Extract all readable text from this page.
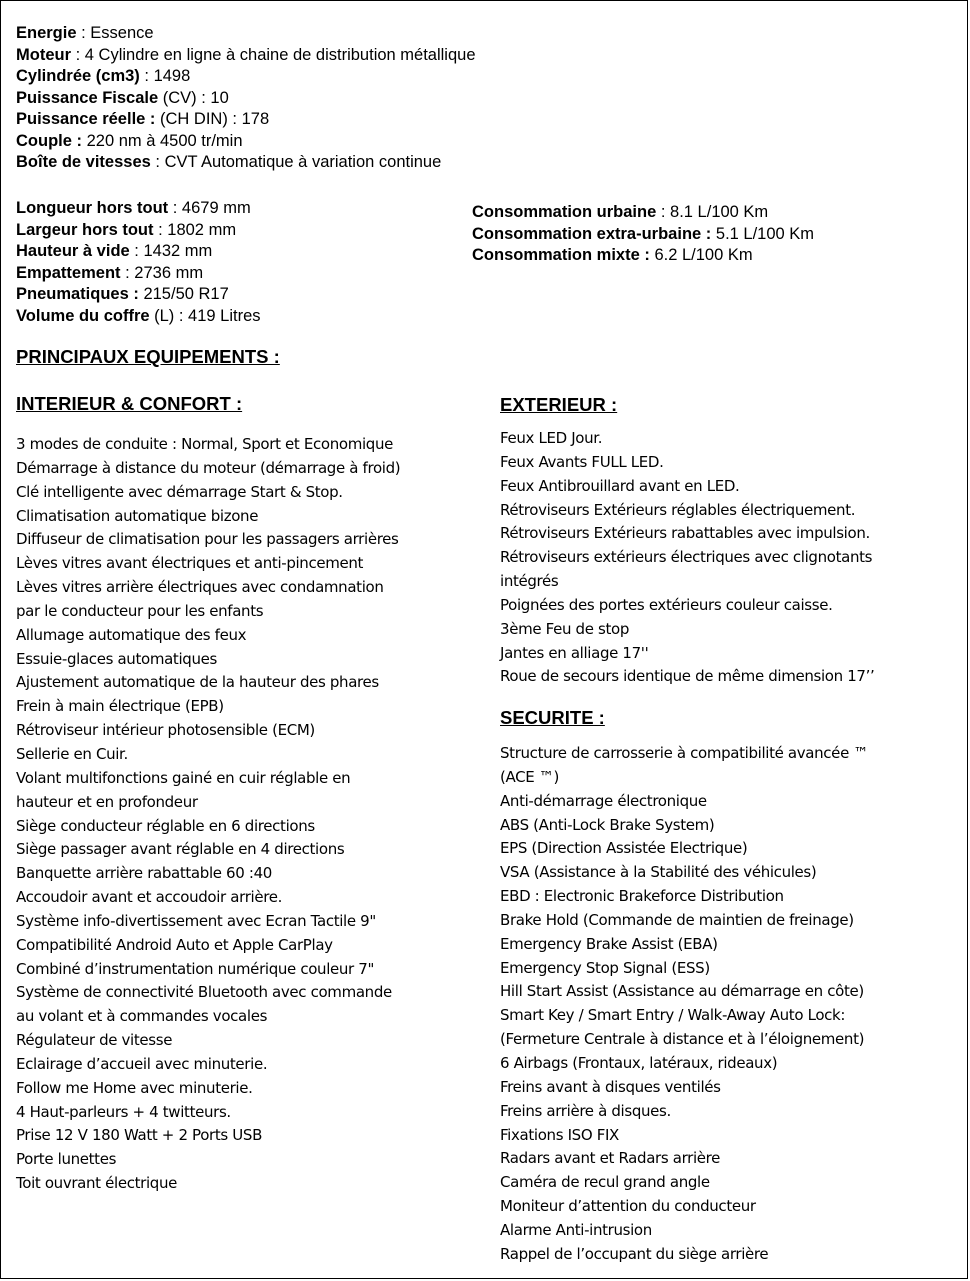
Energie : Essence
Moteur : 4 Cylindre en ligne à chaine de distribution métallique
Cylindrée (cm3) : 1498
Puissance Fiscale (CV) : 10
Puissance réelle : (CH DIN) : 178
Couple : 220 nm à 4500 tr/min
Boîte de vitesses : CVT Automatique à variation continue
Longueur hors tout : 4679 mm
Largeur hors tout : 1802 mm
Hauteur à vide : 1432 mm
Empattement : 2736 mm
Pneumatiques : 215/50 R17
Volume du coffre (L) : 419 Litres
Consommation urbaine : 8.1 L/100 Km
Consommation extra-urbaine : 5.1 L/100 Km
Consommation mixte : 6.2 L/100 Km
PRINCIPAUX EQUIPEMENTS :
INTERIEUR & CONFORT :	EXTERIEUR :
SECURITE :
3 modes de conduite : Normal, Sport et Economique
Démarrage à distance du moteur (démarrage à froid)
Clé intelligente avec démarrage Start & Stop.
Climatisation automatique bizone
Diffuseur de climatisation pour les passagers arrières
Lèves vitres avant électriques et anti-pincement
Lèves vitres arrière électriques avec condamnation
par le conducteur pour les enfants
Allumage automatique des feux
Essuie-glaces automatiques
Ajustement automatique de la hauteur des phares
Frein à main électrique (EPB)
Rétroviseur intérieur photosensible (ECM)
Sellerie en Cuir.
Volant multifonctions gainé en cuir réglable en
hauteur et en profondeur
Siège conducteur réglable en 6 directions
Siège passager avant réglable en 4 directions
Banquette arrière rabattable 60 :40
Accoudoir avant et accoudoir arrière.
Système info-divertissement avec Ecran Tactile 9"
Compatibilité Android Auto et Apple CarPlay
Combiné d’instrumentation numérique couleur 7"
Système de connectivité Bluetooth avec commande
au volant et à commandes vocales
Régulateur de vitesse
Eclairage d’accueil avec minuterie.
Follow me Home avec minuterie.
4 Haut-parleurs + 4 twitteurs.
Prise 12 V 180 Watt + 2 Ports USB
Porte lunettes
Toit ouvrant électrique
Feux LED Jour.
Feux Avants FULL LED.
Feux Antibrouillard avant en LED.
Rétroviseurs Extérieurs réglables électriquement.
Rétroviseurs Extérieurs rabattables avec impulsion.
Rétroviseurs extérieurs électriques avec clignotants
intégrés
Poignées des portes extérieurs couleur caisse.
3ème Feu de stop
Jantes en alliage 17''
Roue de secours identique de même dimension 17’’
Structure de carrosserie à compatibilité avancée ™
(ACE ™)
Anti-démarrage électronique
ABS (Anti-Lock Brake System)
EPS (Direction Assistée Electrique)
VSA (Assistance à la Stabilité des véhicules)
EBD : Electronic Brakeforce Distribution
Brake Hold (Commande de maintien de freinage)
Emergency Brake Assist (EBA)
Emergency Stop Signal (ESS)
Hill Start Assist (Assistance au démarrage en côte)
Smart Key / Smart Entry / Walk-Away Auto Lock:
(Fermeture Centrale à distance et à l’éloignement)
6 Airbags (Frontaux, latéraux, rideaux)
Freins avant à disques ventilés
Freins arrière à disques.
Fixations ISO FIX
Radars avant et Radars arrière
Caméra de recul grand angle
Moniteur d’attention du conducteur
Alarme Anti-intrusion
Rappel de l’occupant du siège arrière
